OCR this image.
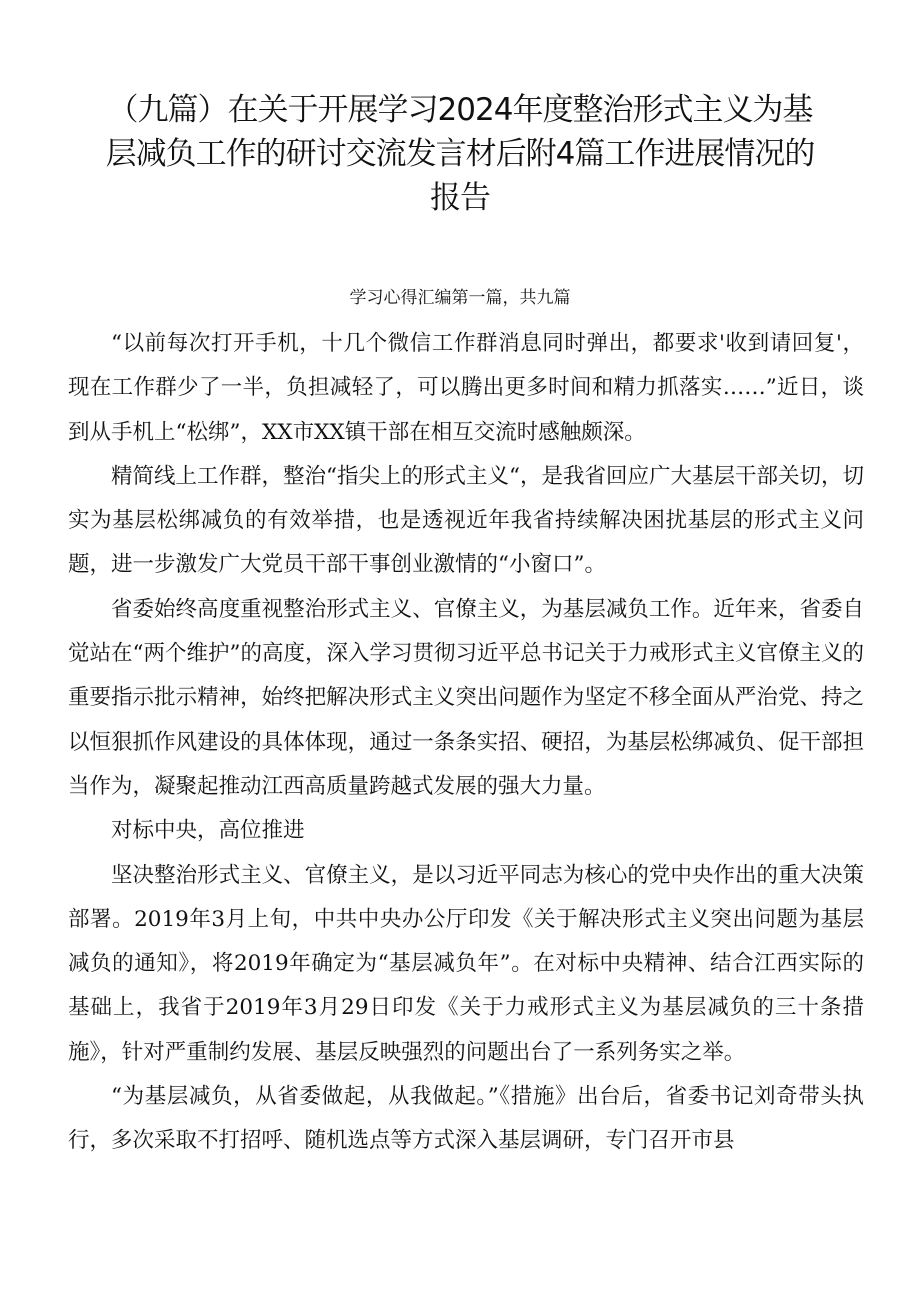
（九篇）在关于开展学习2024年度整治形式主义为基
层减负工作的研讨交流发言材后附4篇工作进展情况的
报告
学习心得汇编第一篇，共九篇

“以前每次打开手机，十几个微信工作群消息同时弹出，都要求'收到请回复'，现在工作群少了一半，负担减轻了，可以腾出更多时间和精力抓落实……”近日，谈到从手机上“松绑”，XX市XX镇干部在相互交流时感触颇深。

精简线上工作群，整治“指尖上的形式主义“，是我省回应广大基层干部关切，切实为基层松绑减负的有效举措，也是透视近年我省持续解决困扰基层的形式主义问题，进一步激发广大党员干部干事创业激情的“小窗口”。

省委始终高度重视整治形式主义、官僚主义，为基层减负工作。近年来，省委自觉站在“两个维护”的高度，深入学习贯彻习近平总书记关于力戒形式主义官僚主义的重要指示批示精神，始终把解决形式主义突出问题作为坚定不移全面从严治党、持之以恒狠抓作风建设的具体体现，通过一条条实招、硬招，为基层松绑减负、促干部担当作为，凝聚起推动江西高质量跨越式发展的强大力量。

对标中央，高位推进

坚决整治形式主义、官僚主义，是以习近平同志为核心的党中央作出的重大决策部署。2019年3月上旬，中共中央办公厅印发《关于解决形式主义突出问题为基层减负的通知》，将2019年确定为“基层减负年”。在对标中央精神、结合江西实际的基础上，我省于2019年3月29日印发《关于力戒形式主义为基层减负的三十条措施》，针对严重制约发展、基层反映强烈的问题出台了一系列务实之举。

“为基层减负，从省委做起，从我做起。”《措施》出台后，省委书记刘奇带头执行，多次采取不打招呼、随机选点等方式深入基层调研，专门召开市县
